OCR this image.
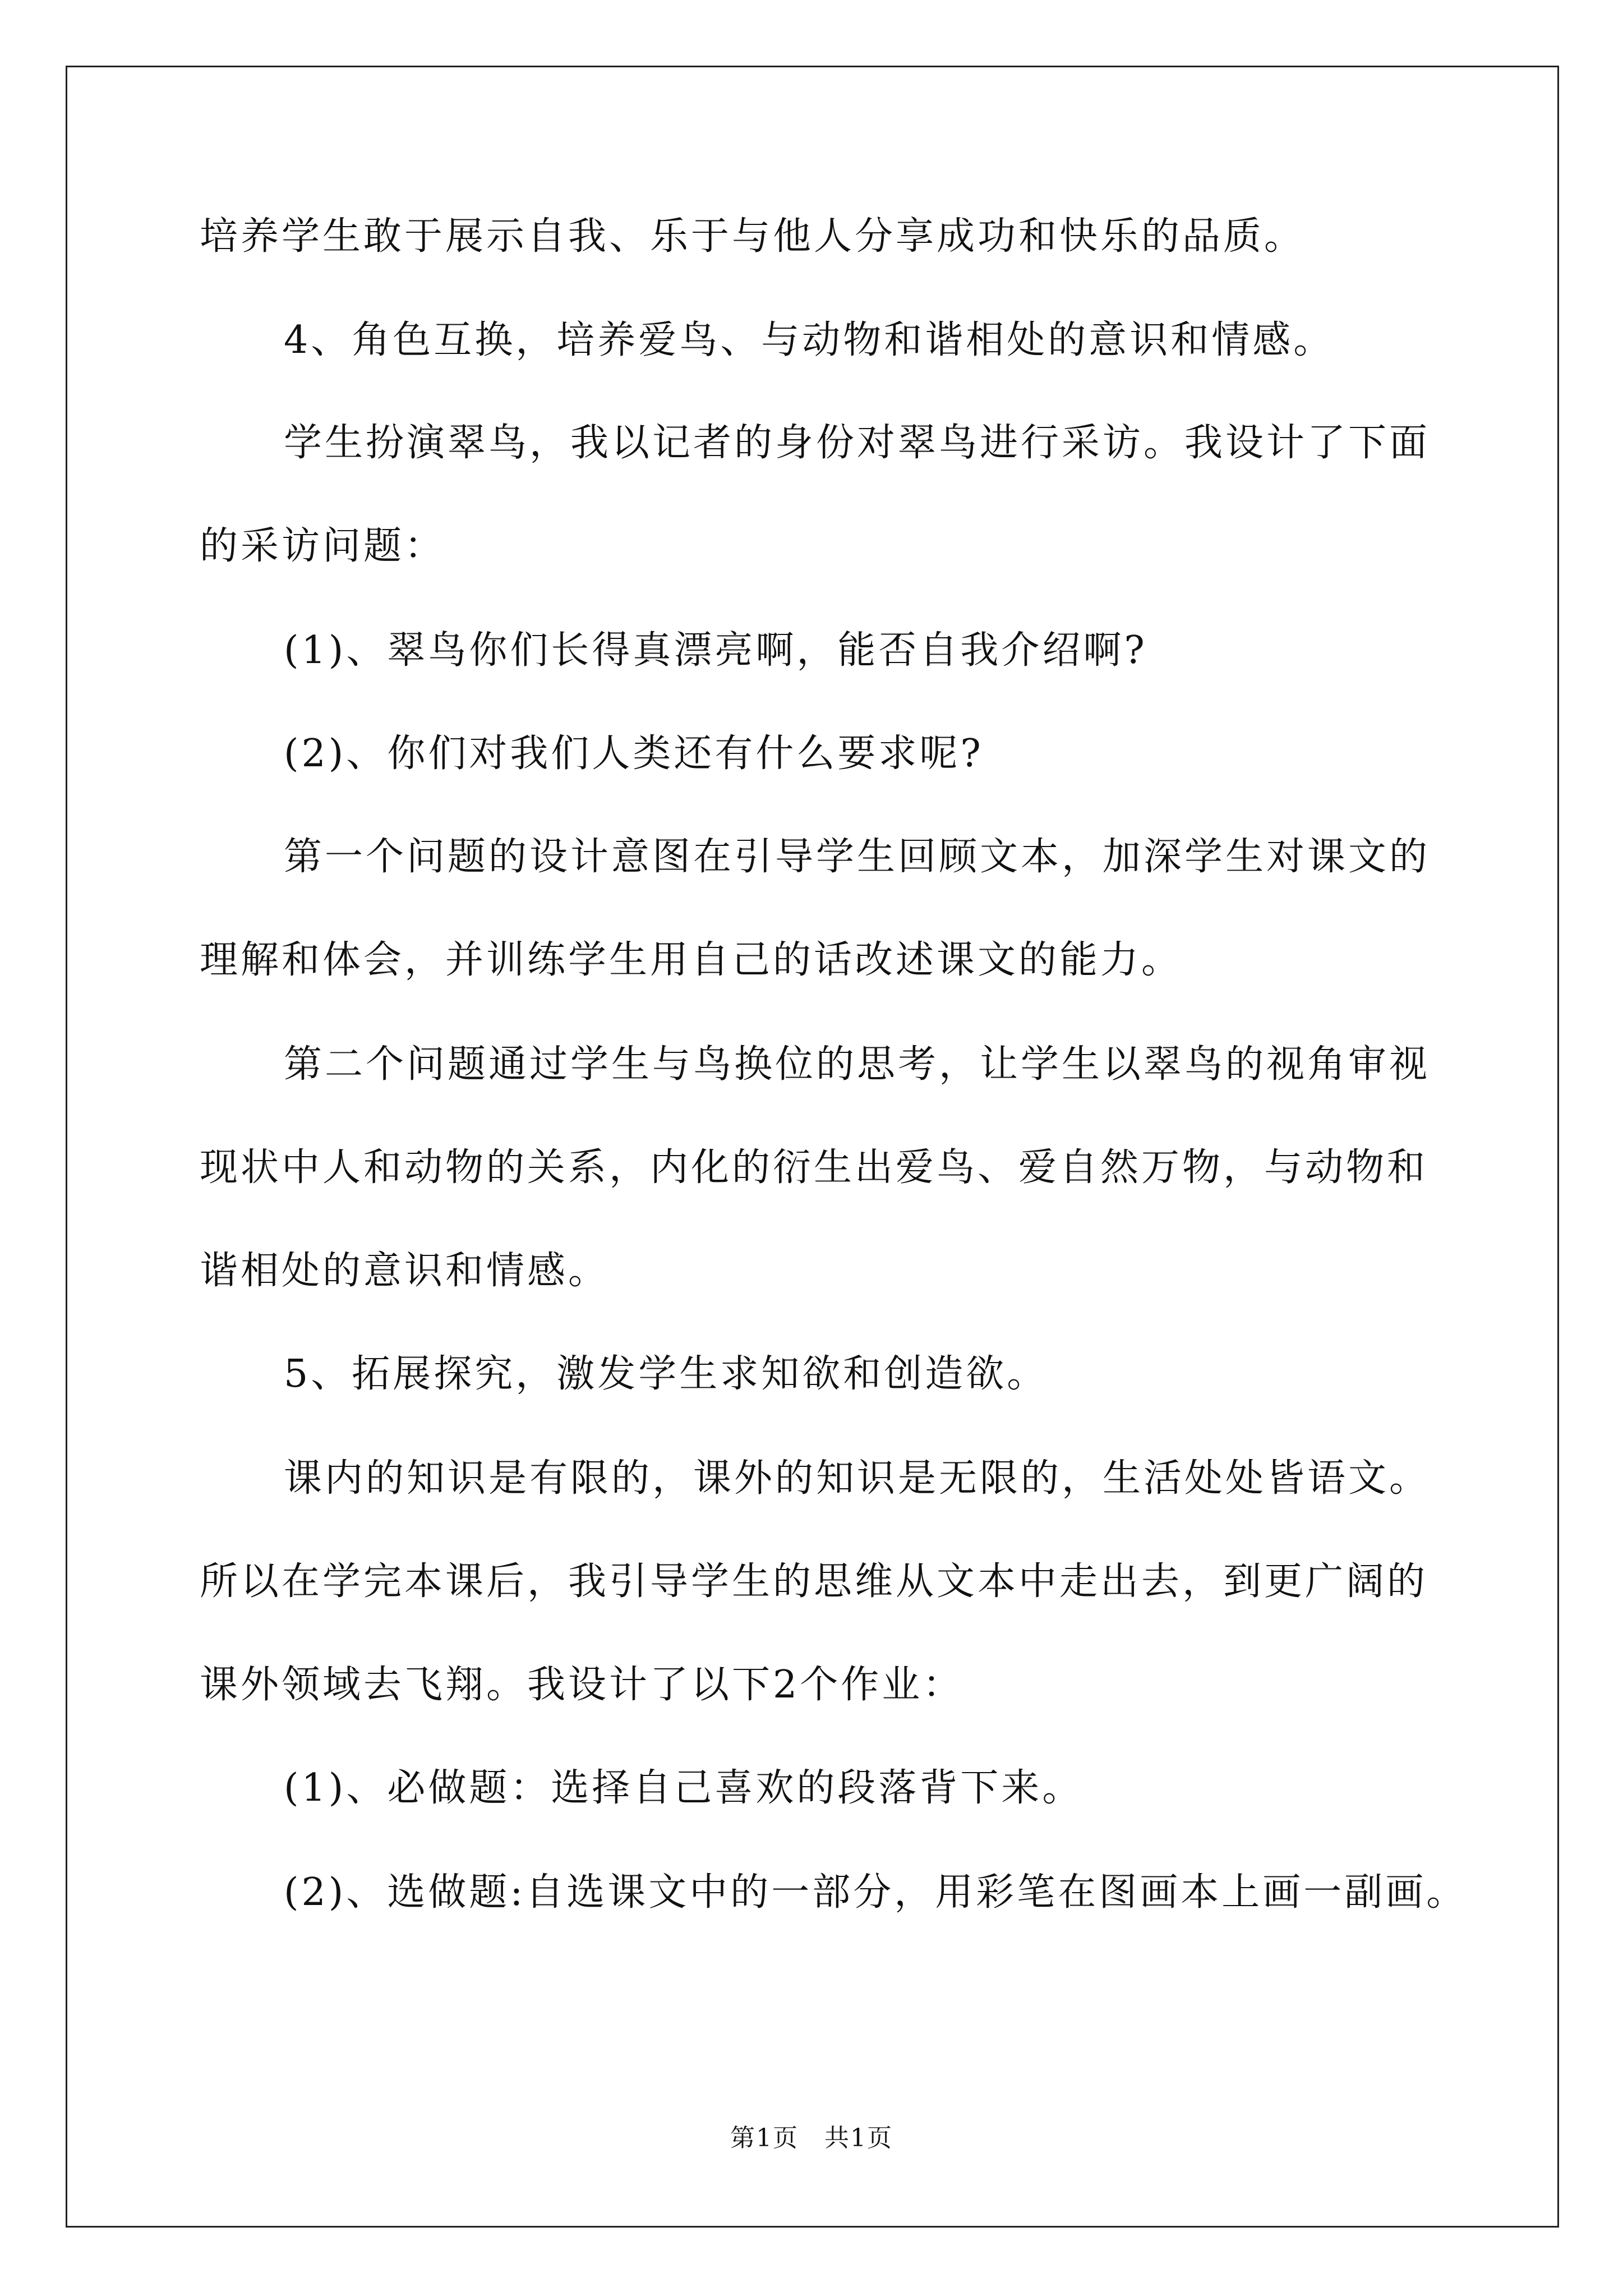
培养学生敢于展示自我、乐于与他人分享成功和快乐的品质。
4、角色互换，培养爱鸟、与动物和谐相处的意识和情感。
学生扮演翠鸟，我以记者的身份对翠鸟进行采访。我设计了下面
的采访问题：
(1)、翠鸟你们长得真漂亮啊，能否自我介绍啊?
(2)、你们对我们人类还有什么要求呢?
第一个问题的设计意图在引导学生回顾文本，加深学生对课文的
理解和体会，并训练学生用自己的话改述课文的能力。
第二个问题通过学生与鸟换位的思考，让学生以翠鸟的视角审视
现状中人和动物的关系，内化的衍生出爱鸟、爱自然万物，与动物和
谐相处的意识和情感。
5、拓展探究，激发学生求知欲和创造欲。
课内的知识是有限的，课外的知识是无限的，生活处处皆语文。
所以在学完本课后，我引导学生的思维从文本中走出去，到更广阔的
课外领域去飞翔。我设计了以下2个作业：
(1)、必做题：选择自己喜欢的段落背下来。
(2)、选做题:自选课文中的一部分，用彩笔在图画本上画一副画。
第1页　共1页
